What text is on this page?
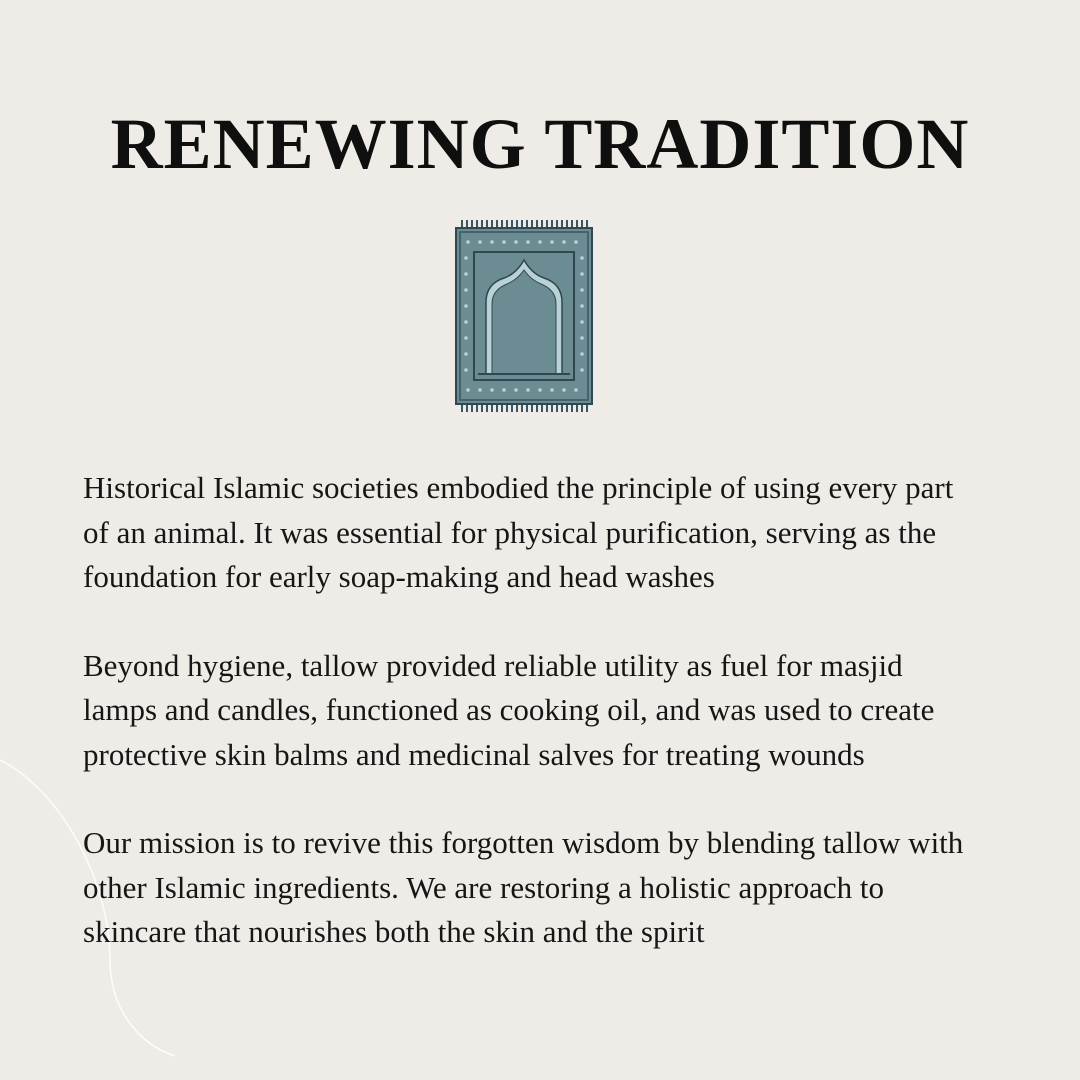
RENEWING TRADITION

Historical Islamic societies embodied the principle of using every part of an animal. It was essential for physical purification, serving as the foundation for early soap-making and head washes

Beyond hygiene, tallow provided reliable utility as fuel for masjid lamps and candles, functioned as cooking oil, and was used to create protective skin balms and medicinal salves for treating wounds

Our mission is to revive this forgotten wisdom by blending tallow with other Islamic ingredients. We are restoring a holistic approach to skincare that nourishes both the skin and the spirit
